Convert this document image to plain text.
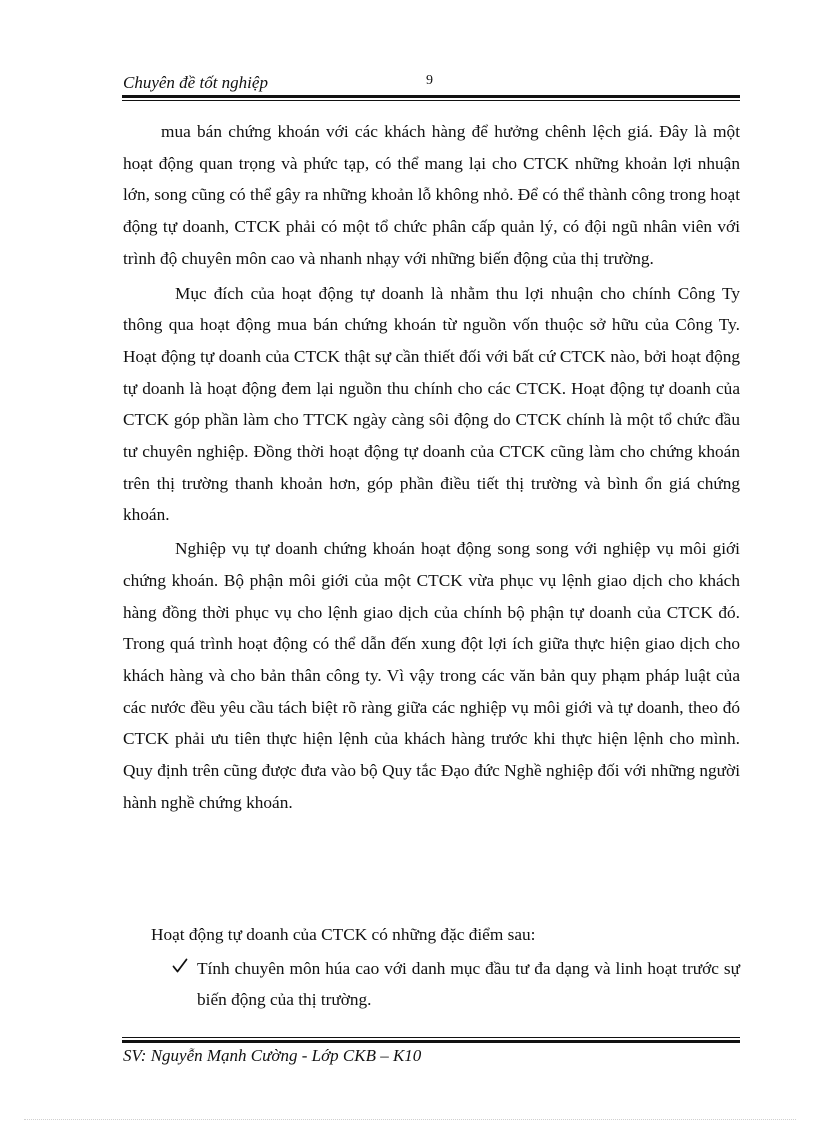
Chuyên đề tốt nghiệp	9

mua bán chứng khoán với các khách hàng để hưởng chênh lệch giá. Đây là một hoạt động quan trọng và phức tạp, có thể mang lại cho CTCK những khoản lợi nhuận lớn, song cũng có thể gây ra những khoản lỗ không nhỏ. Để có thể thành công trong hoạt động tự doanh, CTCK phải có một tổ chức phân cấp quản lý, có đội ngũ nhân viên với trình độ chuyên môn cao và nhanh nhạy với những biến động của thị trường.

Mục đích của hoạt động tự doanh là nhằm thu lợi nhuận cho chính Công Ty thông qua hoạt động mua bán chứng khoán từ nguồn vốn thuộc sở hữu của Công Ty. Hoạt động tự doanh của CTCK thật sự cần thiết đối với bất cứ CTCK nào, bởi hoạt động tự doanh là hoạt động đem lại nguồn thu chính cho các CTCK. Hoạt động tự doanh của CTCK góp phần làm cho TTCK ngày càng sôi động do CTCK chính là một tổ chức đầu tư chuyên nghiệp. Đồng thời hoạt động tự doanh của CTCK cũng làm cho chứng khoán trên thị trường thanh khoản hơn, góp phần điều tiết thị trường và bình ổn giá chứng khoán.

Nghiệp vụ tự doanh chứng khoán hoạt động song song với nghiệp vụ môi giới chứng khoán. Bộ phận môi giới của một CTCK vừa phục vụ lệnh giao dịch cho khách hàng đồng thời phục vụ cho lệnh giao dịch của chính bộ phận tự doanh của CTCK đó. Trong quá trình hoạt động có thể dẫn đến xung đột lợi ích giữa thực hiện giao dịch cho khách hàng và cho bản thân công ty. Vì vậy trong các văn bản quy phạm pháp luật của các nước đều yêu cầu tách biệt rõ ràng giữa các nghiệp vụ môi giới và tự doanh, theo đó CTCK phải ưu tiên thực hiện lệnh của khách hàng trước khi thực hiện lệnh cho mình. Quy định trên cũng được đưa vào bộ Quy tắc Đạo đức Nghề nghiệp đối với những người hành nghề chứng khoán.

Hoạt động tự doanh của CTCK có những đặc điểm sau:

Tính chuyên môn húa cao với danh mục đầu tư đa dạng và linh hoạt trước sự biến động của thị trường.

SV: Nguyễn Mạnh Cường - Lớp CKB – K10
